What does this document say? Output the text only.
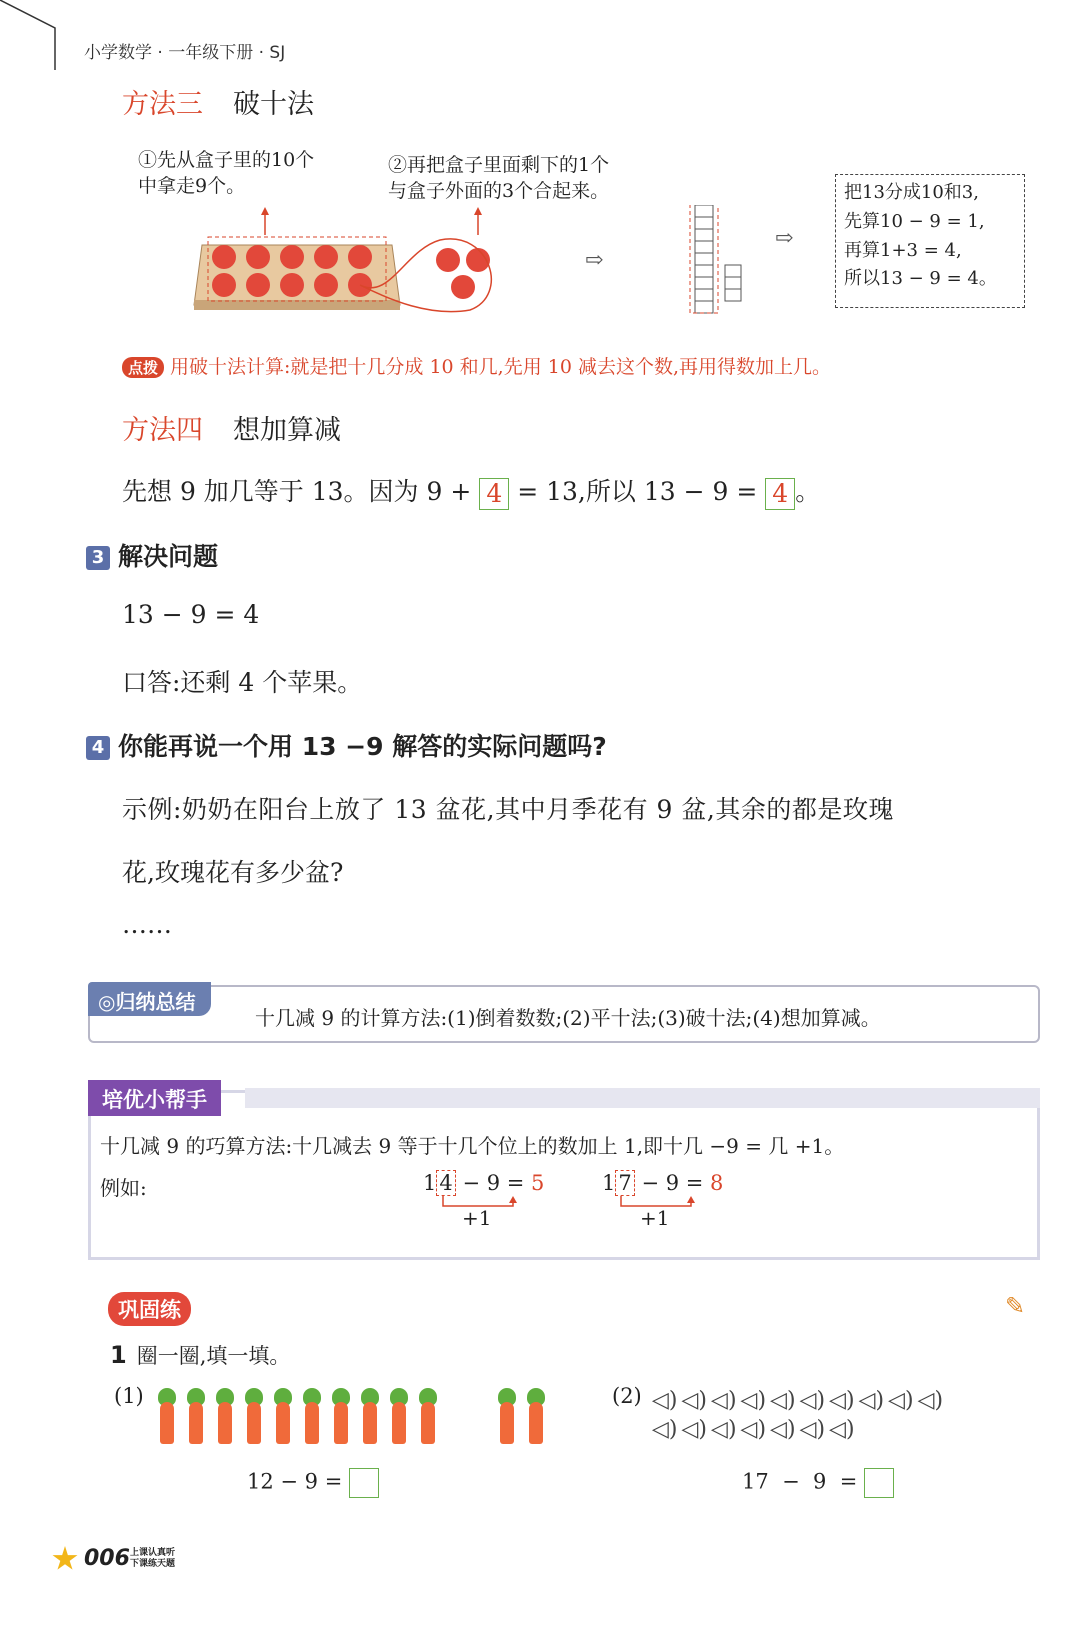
小学数学 · 一年级下册 · SJ
方法三 破十法
①先从盒子里的10个
中拿走9个。
②再把盒子里面剩下的1个
与盒子外面的3个合起来。
⇨
⇨
把13分成10和3,
先算10 − 9 = 1,
再算1+3 = 4,
所以13 − 9 = 4。
点拨 用破十法计算:就是把十几分成 10 和几,先用 10 减去这个数,再用得数加上几。
方法四 想加算减
先想 9 加几等于 13。因为 9 + 4 = 13,所以 13 − 9 = 4 。
3 解决问题
13 − 9 = 4
口答:还剩 4 个苹果。
4 你能再说一个用 13 −9 解答的实际问题吗?
示例:奶奶在阳台上放了 13 盆花,其中月季花有 9 盆,其余的都是玫瑰
花,玫瑰花有多少盆?
……
◎归纳总结
十几减 9 的计算方法:(1)倒着数数;(2)平十法;(3)破十法;(4)想加算减。
培优小帮手
十几减 9 的巧算方法:十几减去 9 等于十几个位上的数加上 1,即十几 −9 = 几 +1。
例如:	1 4 − 9 = 5
+1
1 7 − 9 = 8
+1
巩固练	✎
1 圈一圈,填一填。
(1)

12 − 9 =
(2) ◁) ◁) ◁) ◁) ◁) ◁) ◁) ◁) ◁) ◁)
◁) ◁) ◁) ◁) ◁) ◁) ◁)
17  −  9  =
006 上课认真听
下课练天题
